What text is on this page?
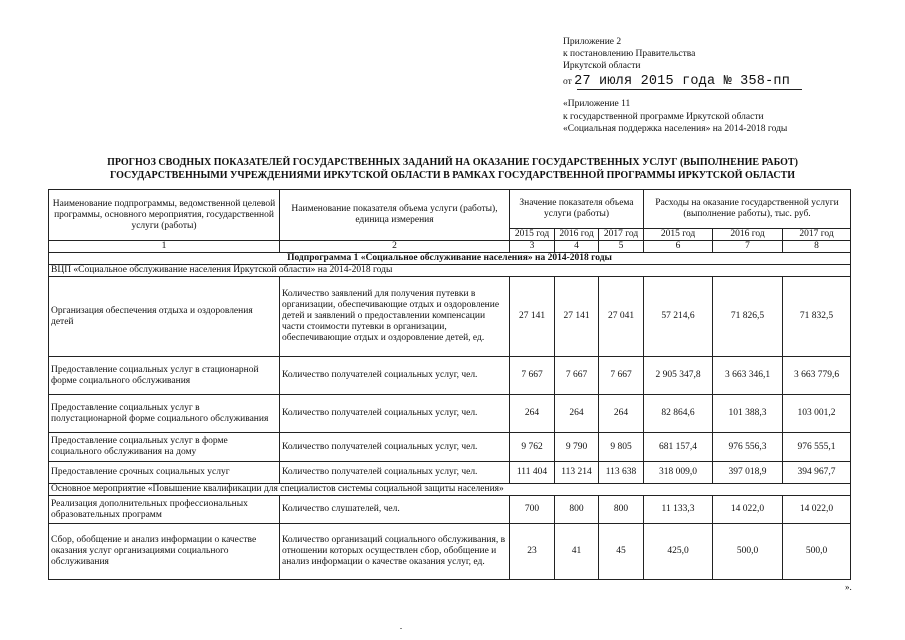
Приложение 2
к постановлению Правительства
Иркутской области
от 27 июля 2015 года № 358-пп
«Приложение 11
к государственной программе Иркутской области
«Социальная поддержка населения» на 2014-2018 годы
ПРОГНОЗ СВОДНЫХ ПОКАЗАТЕЛЕЙ ГОСУДАРСТВЕННЫХ ЗАДАНИЙ НА ОКАЗАНИЕ ГОСУДАРСТВЕННЫХ УСЛУГ (ВЫПОЛНЕНИЕ РАБОТ)
ГОСУДАРСТВЕННЫМИ УЧРЕЖДЕНИЯМИ ИРКУТСКОЙ ОБЛАСТИ В РАМКАХ ГОСУДАРСТВЕННОЙ ПРОГРАММЫ ИРКУТСКОЙ ОБЛАСТИ
Наименование подпрограммы, ведомственной целевой программы, основного мероприятия, государственной услуги (работы)	Наименование показателя объема услуги (работы), единица измерения	Значение показателя объема услуги (работы)			Расходы на оказание государственной услуги (выполнение работы), тыс. руб.		
		2015 год	2016 год	2017 год	2015 год	2016 год	2017 год
1	2	3	4	5	6	7	8
Подпрограмма 1 «Социальное обслуживание населения» на 2014-2018 годы							
ВЦП «Социальное обслуживание населения Иркутской области» на 2014-2018 годы							
Организация обеспечения отдыха и оздоровления детей	Количество заявлений для получения путевки в организации, обеспечивающие отдых и оздоровление детей и заявлений о предоставлении компенсации части стоимости путевки в организации, обеспечивающие отдых и оздоровление детей, ед.	27 141	27 141	27 041	57 214,6	71 826,5	71 832,5
Предоставление социальных услуг в стационарной форме социального обслуживания	Количество получателей социальных услуг, чел.	7 667	7 667	7 667	2 905 347,8	3 663 346,1	3 663 779,6
Предоставление социальных услуг в полустационарной форме социального обслуживания	Количество получателей социальных услуг, чел.	264	264	264	82 864,6	101 388,3	103 001,2
Предоставление социальных услуг в форме социального обслуживания на дому	Количество получателей социальных услуг, чел.	9 762	9 790	9 805	681 157,4	976 556,3	976 555,1
Предоставление срочных социальных услуг	Количество получателей социальных услуг, чел.	111 404	113 214	113 638	318 009,0	397 018,9	394 967,7
Основное мероприятие «Повышение квалификации для специалистов системы социальной защиты населения»							
Реализация дополнительных профессиональных образовательных программ	Количество слушателей, чел.	700	800	800	11 133,3	14 022,0	14 022,0
Сбор, обобщение и анализ информации о качестве оказания услуг организациями социального обслуживания	Количество организаций социального обслуживания, в отношении которых осуществлен сбор, обобщение и анализ информации о качестве оказания услуг, ед.	23	41	45	425,0	500,0	500,0
».
